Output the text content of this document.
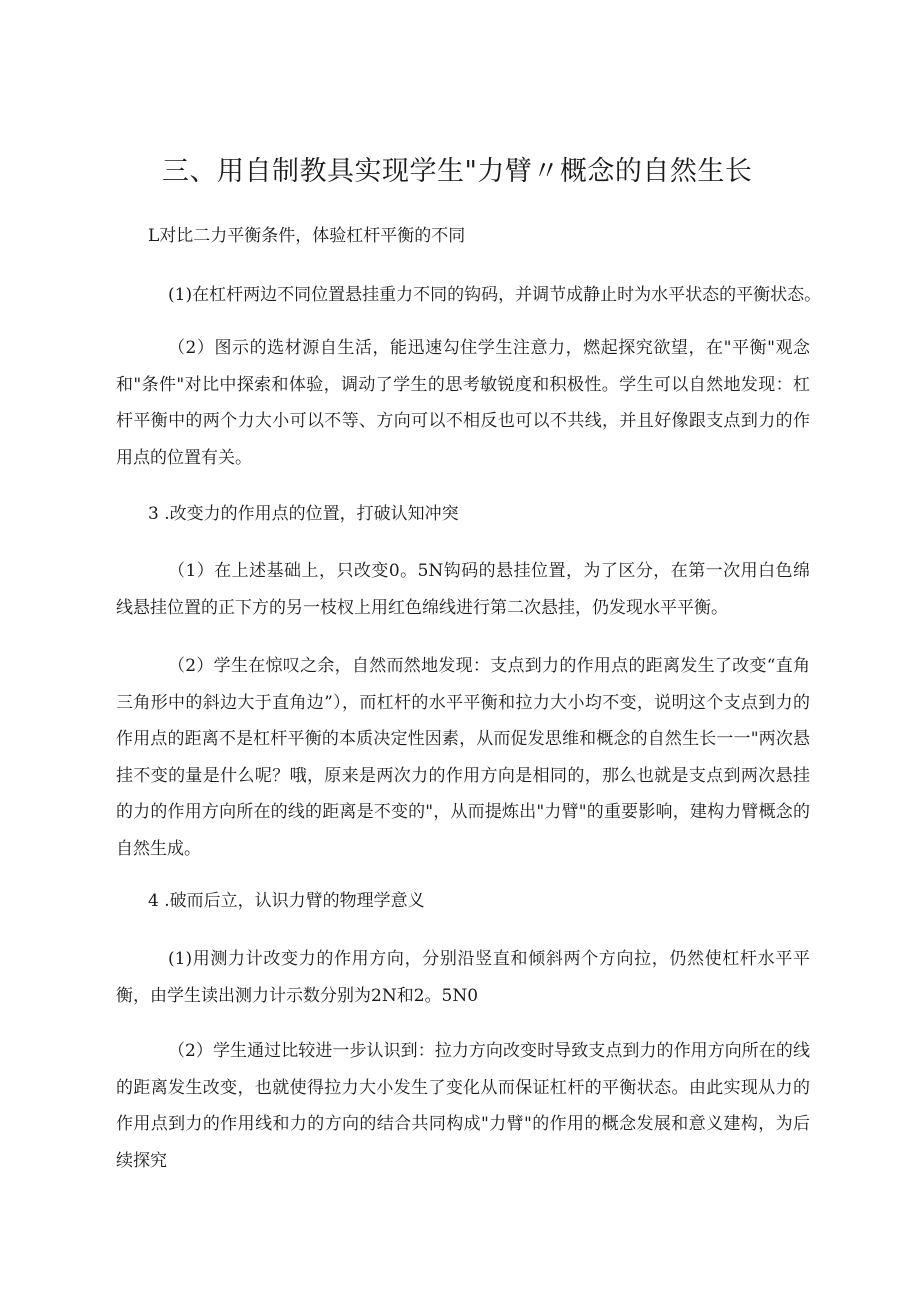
三、用自制教具实现学生"力臂〃概念的自然生长
L对比二力平衡条件，体验杠杆平衡的不同

(1)在杠杆两边不同位置悬挂重力不同的钩码，并调节成静止时为水平状态的平衡状态。

（2）图示的选材源自生活，能迅速勾住学生注意力，燃起探究欲望，在"平衡"观念和"条件"对比中探索和体验，调动了学生的思考敏锐度和积极性。学生可以自然地发现：杠杆平衡中的两个力大小可以不等、方向可以不相反也可以不共线，并且好像跟支点到力的作用点的位置有关。

3 .改变力的作用点的位置，打破认知冲突

（1）在上述基础上，只改变0。5N钩码的悬挂位置，为了区分，在第一次用白色绵线悬挂位置的正下方的另一枝杈上用红色绵线进行第二次悬挂，仍发现水平平衡。

（2）学生在惊叹之余，自然而然地发现：支点到力的作用点的距离发生了改变“直角三角形中的斜边大于直角边”），而杠杆的水平平衡和拉力大小均不变，说明这个支点到力的作用点的距离不是杠杆平衡的本质决定性因素，从而促发思维和概念的自然生长一一"两次悬挂不变的量是什么呢？哦，原来是两次力的作用方向是相同的，那么也就是支点到两次悬挂的力的作用方向所在的线的距离是不变的"，从而提炼出"力臂"的重要影响，建构力臂概念的自然生成。

4 .破而后立，认识力臂的物理学意义

(1)用测力计改变力的作用方向，分别沿竖直和倾斜两个方向拉，仍然使杠杆水平平衡，由学生读出测力计示数分别为2N和2。5N0

（2）学生通过比较进一步认识到：拉力方向改变时导致支点到力的作用方向所在的线的距离发生改变，也就使得拉力大小发生了变化从而保证杠杆的平衡状态。由此实现从力的作用点到力的作用线和力的方向的结合共同构成"力臂"的作用的概念发展和意义建构，为后续探究
